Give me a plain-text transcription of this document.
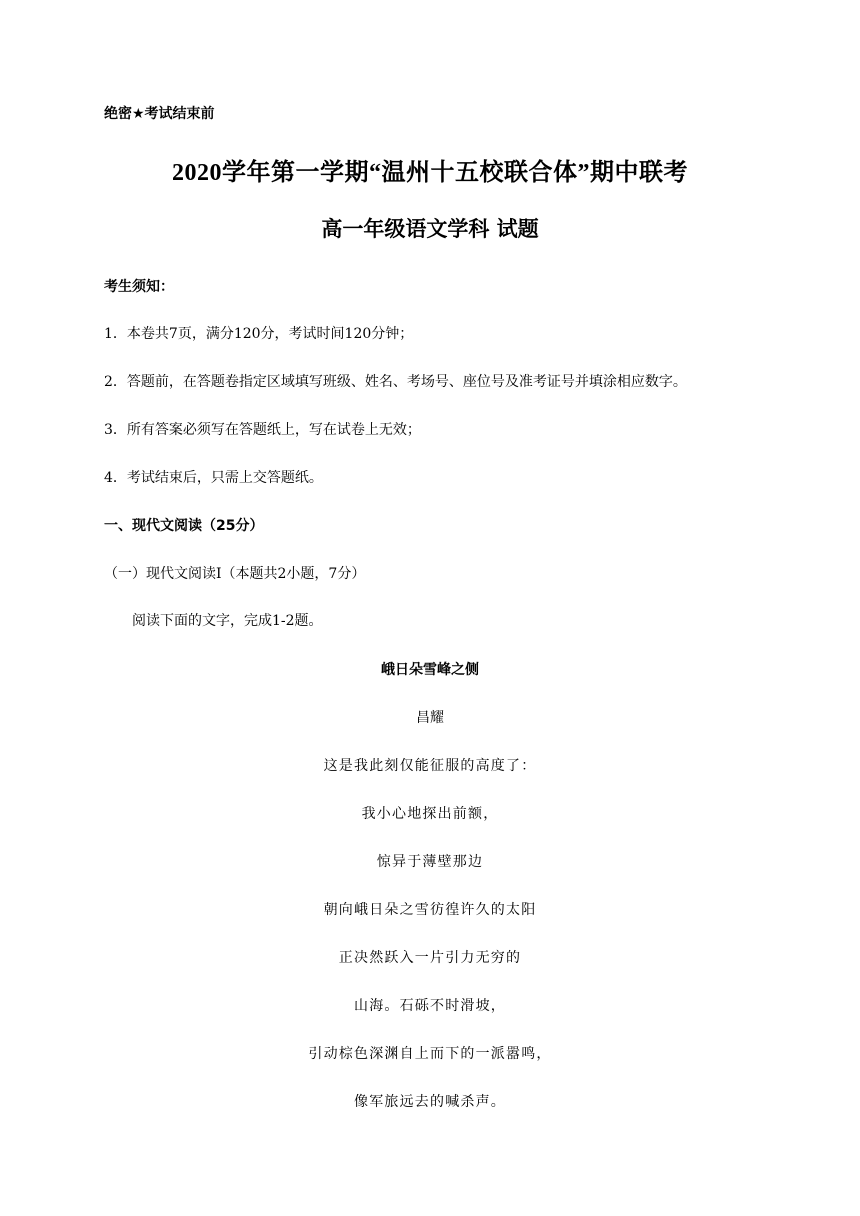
绝密★考试结束前
2020学年第一学期“温州十五校联合体”期中联考
高一年级语文学科 试题
考生须知：
1．本卷共7页，满分120分，考试时间120分钟；
2．答题前，在答题卷指定区域填写班级、姓名、考场号、座位号及准考证号并填涂相应数字。
3．所有答案必须写在答题纸上，写在试卷上无效；
4．考试结束后，只需上交答题纸。
一、现代文阅读（25分）
（一）现代文阅读I（本题共2小题，7分）
阅读下面的文字，完成1-2题。
峨日朵雪峰之侧
昌耀
这是我此刻仅能征服的高度了：
我小心地探出前额，
惊异于薄壁那边
朝向峨日朵之雪彷徨许久的太阳
正决然跃入一片引力无穷的
山海。石砾不时滑坡，
引动棕色深渊自上而下的一派嚣鸣，
像军旅远去的喊杀声。
